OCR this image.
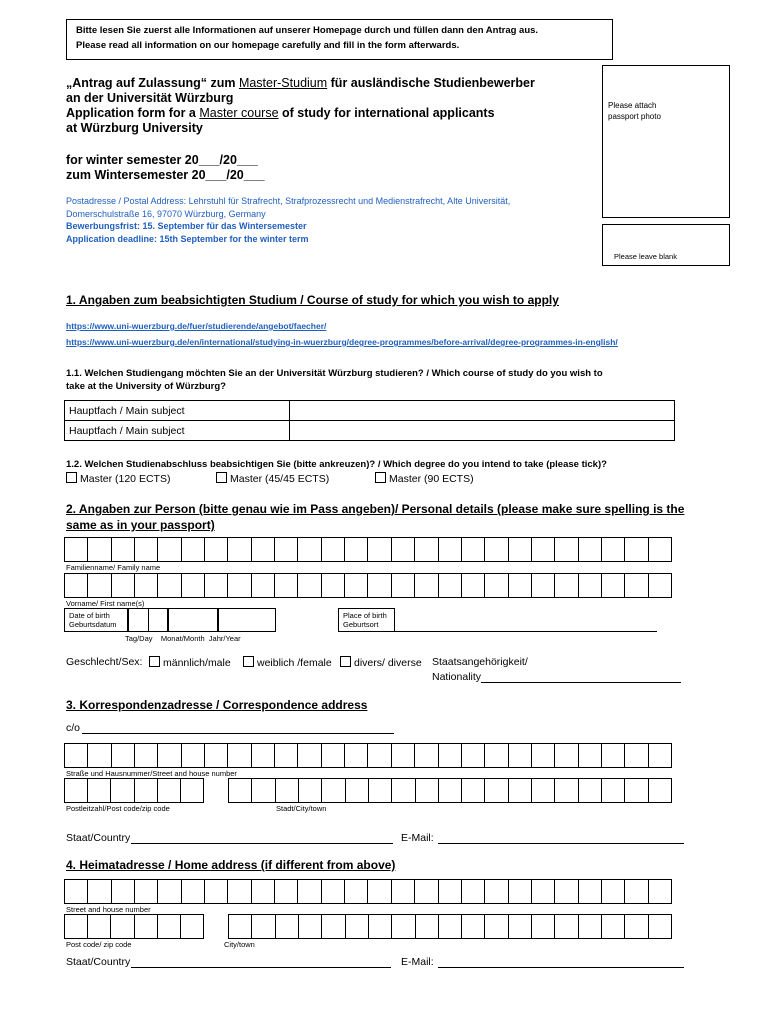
Bitte lesen Sie zuerst alle Informationen auf unserer Homepage durch und füllen dann den Antrag aus.
Please read all information on our homepage carefully and fill in the form afterwards.
„Antrag auf Zulassung“ zum Master-Studium für ausländische Studienbewerber
an der Universität Würzburg
Application form for a Master course of study for international applicants
at Würzburg University
for winter semester 20___/20___
zum Wintersemester 20___/20___
Postadresse / Postal Address: Lehrstuhl für Strafrecht, Strafprozessrecht und Medienstrafrecht, Alte Universität,
Domerschulstraße 16, 97070 Würzburg, Germany
Bewerbungsfrist: 15. September für das Wintersemester
Application deadline: 15th September for the winter term
Please attach
passport photo
Please leave blank
1. Angaben zum beabsichtigten Studium / Course of study for which you wish to apply
https://www.uni-wuerzburg.de/fuer/studierende/angebot/faecher/
https://www.uni-wuerzburg.de/en/international/studying-in-wuerzburg/degree-programmes/before-arrival/degree-programmes-in-english/
1.1. Welchen Studiengang möchten Sie an der Universität Würzburg studieren? / Which course of study do you wish to
take at the University of Würzburg?
Hauptfach / Main subject	
Hauptfach / Main subject	
1.2. Welchen Studienabschluss beabsichtigen Sie (bitte ankreuzen)? / Which degree do you intend to take (please tick)?
Master (120 ECTS)	Master (45/45 ECTS)	Master (90 ECTS)
2. Angaben zur Person (bitte genau wie im Pass angeben)/ Personal details (please make sure spelling is the
same as in your passport)
Familienname/ Family name
Vorname/ First name(s)
Date of birth
Geburtsdatum
Tag/Day    Monat/Month  Jahr/Year
Place of birth
Geburtsort
Geschlecht/Sex:	männlich/male	weiblich /female	divers/ diverse Staatsangehörigkeit/
Nationality
3. Korrespondenzadresse / Correspondence address
c/o
Straße und Hausnummer/Street and house number
Postleitzahl/Post code/zip code	Stadt/City/town
Staat/Country	E-Mail:
4. Heimatadresse / Home address (if different from above)
Street and house number
Post code/ zip code	City/town
Staat/Country	E-Mail:
